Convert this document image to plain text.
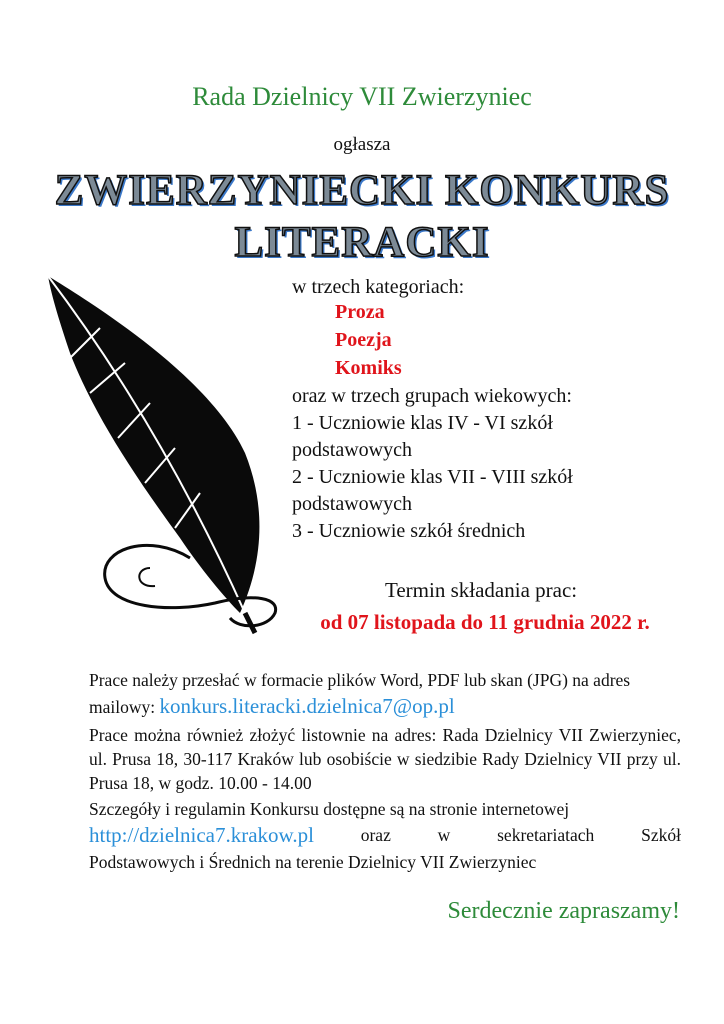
Rada Dzielnicy VII Zwierzyniec
ogłasza
ZWIERZYNIECKI KONKURS
LITERACKI
w trzech kategoriach:
Proza
Poezja
Komiks
oraz w trzech grupach wiekowych:
1 - Uczniowie klas IV - VI szkół
podstawowych
2 - Uczniowie klas VII - VIII szkół
podstawowych
3 - Uczniowie szkół średnich
Termin składania prac:
od 07 listopada do 11 grudnia 2022 r.
Prace należy przesłać w formacie plików Word, PDF lub skan (JPG) na adres
mailowy: konkurs.literacki.dzielnica7@op.pl
Prace można również złożyć listownie na adres: Rada Dzielnicy VII Zwierzyniec, ul. Prusa 18, 30-117 Kraków lub osobiście w siedzibie Rady Dzielnicy VII przy ul. Prusa 18, w godz. 10.00 - 14.00
Szczegóły i regulamin Konkursu dostępne są na stronie internetowej
http://dzielnica7.krakow.pl	oraz	w	sekretariatach	Szkół
Podstawowych i Średnich na terenie Dzielnicy VII Zwierzyniec
Serdecznie zapraszamy!
